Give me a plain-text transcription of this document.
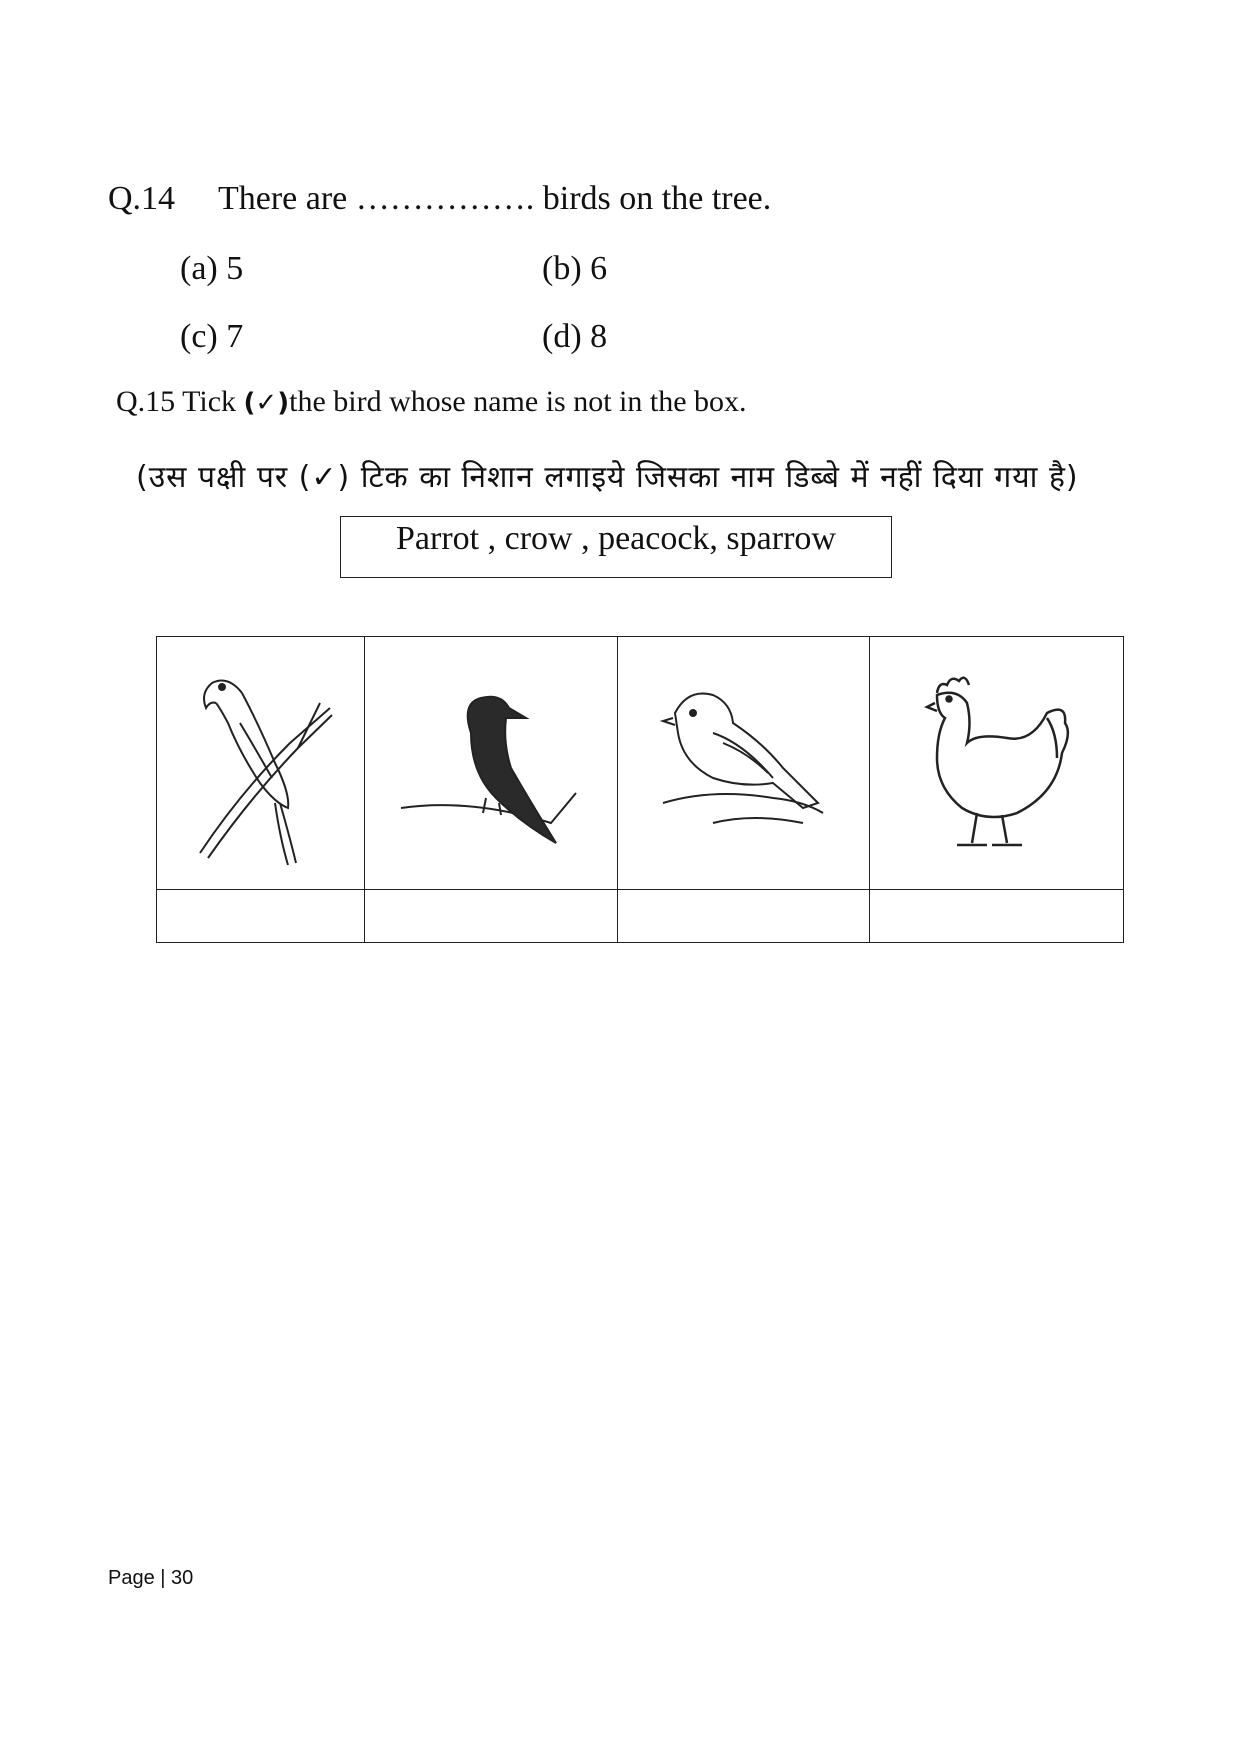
Q.14 There are ……………. birds on the tree.
(a) 5	(b) 6
(c) 7	(d) 8
Q.15 Tick (✓)the bird whose name is not in the box.
(उस पक्षी पर (✓) टिक का निशान लगाइये जिसका नाम डिब्बे में नहीं दिया गया है)
Parrot , crow , peacock, sparrow

Page | 30
